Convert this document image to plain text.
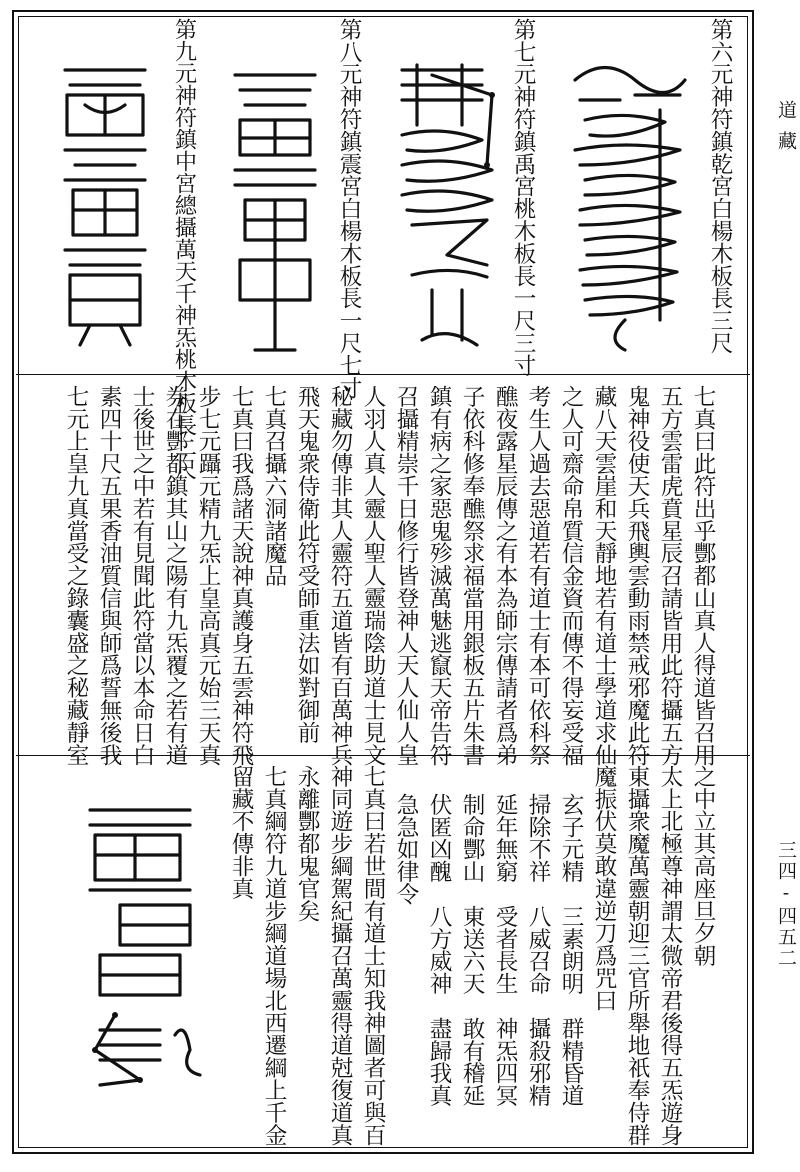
道藏
三四-四五二
第六元神符鎮乾宮白楊木板長三尺
第七元神符鎮禹宮桃木板長一尺三寸
第八元神符鎮震宮白楊木板長一尺七寸
第九元神符鎮中宮總攝萬天千神炁桃木板長二尺
七真曰此符出乎酆都山真人得道皆召用
五方雲雷虎賁星辰召請皆用此符攝五方
鬼神役使天兵飛輿雲動雨禁戒邪魔此符
藏八天雲崖和天靜地若有道士學道求仙
之人可齋命帛質信金資而傳不得妄受福
考生人過去惡道若有道士有本可依科祭
醮夜露星辰傳之有本為師宗傳請者爲弟
子依科修奉醮祭求福當用銀板五片朱書
鎮有病之家惡鬼殄滅萬魅逃竄天帝告符
召攝精崇千日修行皆登神人天人仙人皇
人羽人真人靈人聖人靈瑞陰助道士見文
秘藏勿傳非其人靈符五道皆有百萬神兵
飛天鬼衆侍衛此符受師重法如對御前
七真召攝六洞諸魔品
七真曰我爲諸天說神真護身五雲神符飛
步七元躡元精九炁上皇高真元始三天真
券在酆都鎮其山之陽有九炁覆之若有道
士後世之中若有見聞此符當以本命日白
素四十尺五果香油質信與師爲誓無後我
七元上皇九真當受之錄囊盛之秘藏靜室
之中立其高座旦夕朝
太上北極尊神謂太微帝君後得五炁遊身
東攝衆魔萬靈朝迎三官所舉地祇奉侍群
魔振伏莫敢違逆刀爲咒曰
玄子元精　三素朗明　群精昏道
掃除不祥　八威召命　攝殺邪精
延年無窮　受者長生　神炁四冥
制命酆山　東送六天　敢有稽延
伏匿凶醜　八方威神　盡歸我真
急急如律令
七真曰若世間有道士知我神圖者可與百
神同遊步綱駕紀攝召萬靈得道尅復道真
永離酆都鬼官矣
七真綱符九道步綱道場北西遷綱上千金
留藏不傳非真
